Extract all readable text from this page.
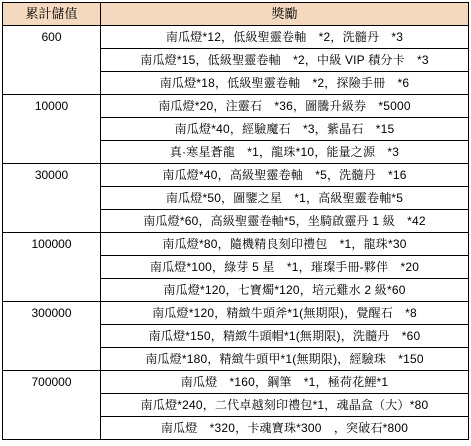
累計儲值	獎勵
600	南瓜燈*12，低級聖靈卷軸　*2，洗髓丹　*3
	南瓜燈*15，低級聖靈卷軸　*2，中級 VIP 積分卡　*3
	南瓜燈*18，低級聖靈卷軸　*2，探險手冊　*6
10000	南瓜燈*20，注靈石　*36，圖騰升級券　*5000
	南瓜燈*40，經驗魔石　*3，紫晶石　*15
	真·寒星蒼龍　*1，龍珠*10，能量之源　*3
30000	南瓜燈*40，高級聖靈卷軸　*5，洗髓丹　*16
	南瓜燈*50，圖鑒之星　*1，高級聖靈卷軸*5
	南瓜燈*60，高級聖靈卷軸*5，坐騎啟靈丹 1 級　*42
100000	南瓜燈*80，隨機精良刻印禮包　*1，龍珠*30
	南瓜燈*100，綠芽 5 星　*1，璀璨手冊-夥伴　*20
	南瓜燈*120，七寶燭*120，培元雞水 2 級*60
300000	南瓜燈*120，精緻牛頭斧*1(無期限)，覺醒石　*8
	南瓜燈*150，精緻牛頭帽*1(無期限)，洗髓丹　*60
	南瓜燈*180，精緻牛頭甲*1(無期限)，經驗珠　*150
700000	南瓜燈　*160，鋼筆　*1，極荷花鯉*1
	南瓜燈*240，二代卓越刻印禮包*1，魂晶盒（大）*80
	南瓜燈　*320，卡魂寶珠*300　，突破石*800
